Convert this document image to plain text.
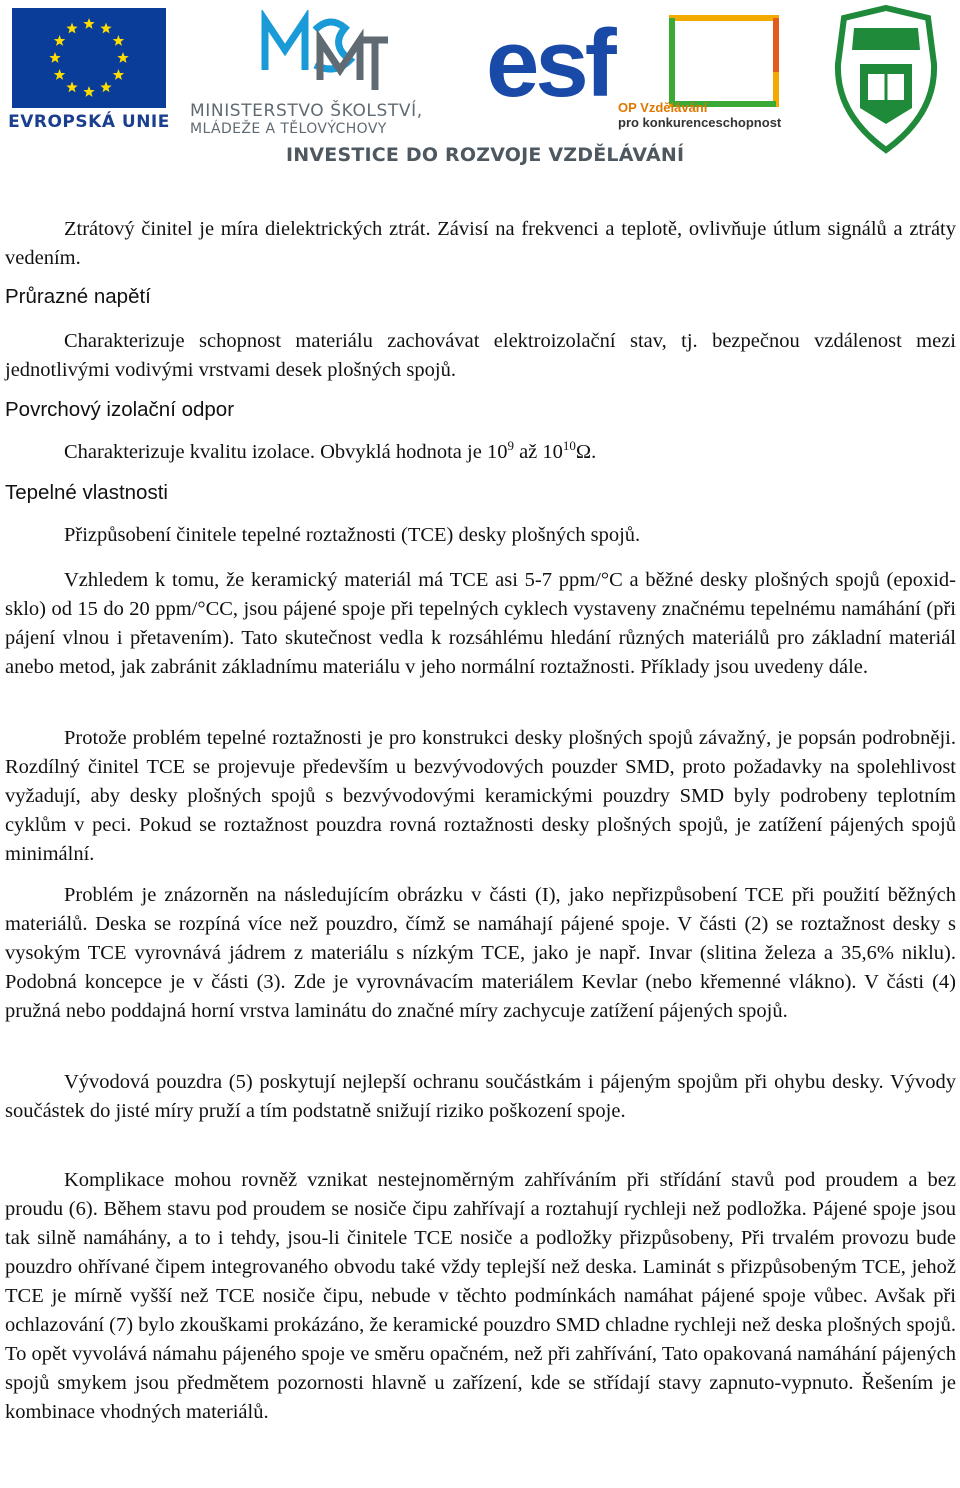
EVROPSKÁ UNIE
MINISTERSTVO ŠKOLSTVÍ,
MLÁDEŽE A TĚLOVÝCHOVY
esf OP Vzdělávání
pro konkurenceschopnost
INVESTICE DO ROZVOJE VZDĚLÁVÁNÍ

Ztrátový činitel je míra dielektrických ztrát. Závisí na frekvenci a teplotě, ovlivňuje útlum signálů a ztráty vedením.

Průrazné napětí

Charakterizuje schopnost materiálu zachovávat elektroizolační stav, tj. bezpečnou vzdálenost mezi jednotlivými vodivými vrstvami desek plošných spojů.

Povrchový izolační odpor
Charakterizuje kvalitu izolace. Obvyklá hodnota je $10^9$ až $10^{10}\Omega$.
Tepelné vlastnosti
Přizpůsobení činitele tepelné roztažnosti (TCE) desky plošných spojů.

Vzhledem k tomu, že keramický materiál má TCE asi 5-7 ppm/°C a běžné desky plošných spojů (epoxid-sklo) od 15 do 20 ppm/°CC, jsou pájené spoje při tepelných cyklech vystaveny značnému tepelnému namáhání (při pájení vlnou i přetavením). Tato skutečnost vedla k rozsáhlému hledání různých materiálů pro základní materiál anebo metod, jak zabránit základnímu materiálu v jeho normální roztažnosti. Příklady jsou uvedeny dále.

Protože problém tepelné roztažnosti je pro konstrukci desky plošných spojů závažný, je popsán podrobněji. Rozdílný činitel TCE se projevuje především u bezvývodových pouzder SMD, proto požadavky na spolehlivost vyžadují, aby desky plošných spojů s bezvývodovými keramickými pouzdry SMD byly podrobeny teplotním cyklům v peci. Pokud se roztažnost pouzdra rovná roztažnosti desky plošných spojů, je zatížení pájených spojů minimální.

Problém je znázorněn na následujícím obrázku v části (I), jako nepřizpůsobení TCE při použití běžných materiálů. Deska se rozpíná více než pouzdro, čímž se namáhají pájené spoje. V části (2) se roztažnost desky s vysokým TCE vyrovnává jádrem z materiálu s nízkým TCE, jako je např. Invar (slitina železa a 35,6% niklu). Podobná koncepce je v části (3). Zde je vyrovnávacím materiálem Kevlar (nebo křemenné vlákno). V části (4) pružná nebo poddajná horní vrstva laminátu do značné míry zachycuje zatížení pájených spojů.

Vývodová pouzdra (5) poskytují nejlepší ochranu součástkám i pájeným spojům při ohybu desky. Vývody součástek do jisté míry pruží a tím podstatně snižují riziko poškození spoje.

Komplikace mohou rovněž vznikat nestejnoměrným zahříváním při střídání stavů pod proudem a bez proudu (6). Během stavu pod proudem se nosiče čipu zahřívají a roztahují rychleji než podložka. Pájené spoje jsou tak silně namáhány, a to i tehdy, jsou-li činitele TCE nosiče a podložky přizpůsobeny, Při trvalém provozu bude pouzdro ohřívané čipem integrovaného obvodu také vždy teplejší než deska. Laminát s přizpůsobeným TCE, jehož TCE je mírně vyšší než TCE nosiče čipu, nebude v těchto podmínkách namáhat pájené spoje vůbec. Avšak při ochlazování (7) bylo zkouškami prokázáno, že keramické pouzdro SMD chladne rychleji než deska plošných spojů. To opět vyvolává námahu pájeného spoje ve směru opačném, než při zahřívání, Tato opakovaná namáhání pájených spojů smykem jsou předmětem pozornosti hlavně u zařízení, kde se střídají stavy zapnuto-vypnuto. Řešením je kombinace vhodných materiálů.
